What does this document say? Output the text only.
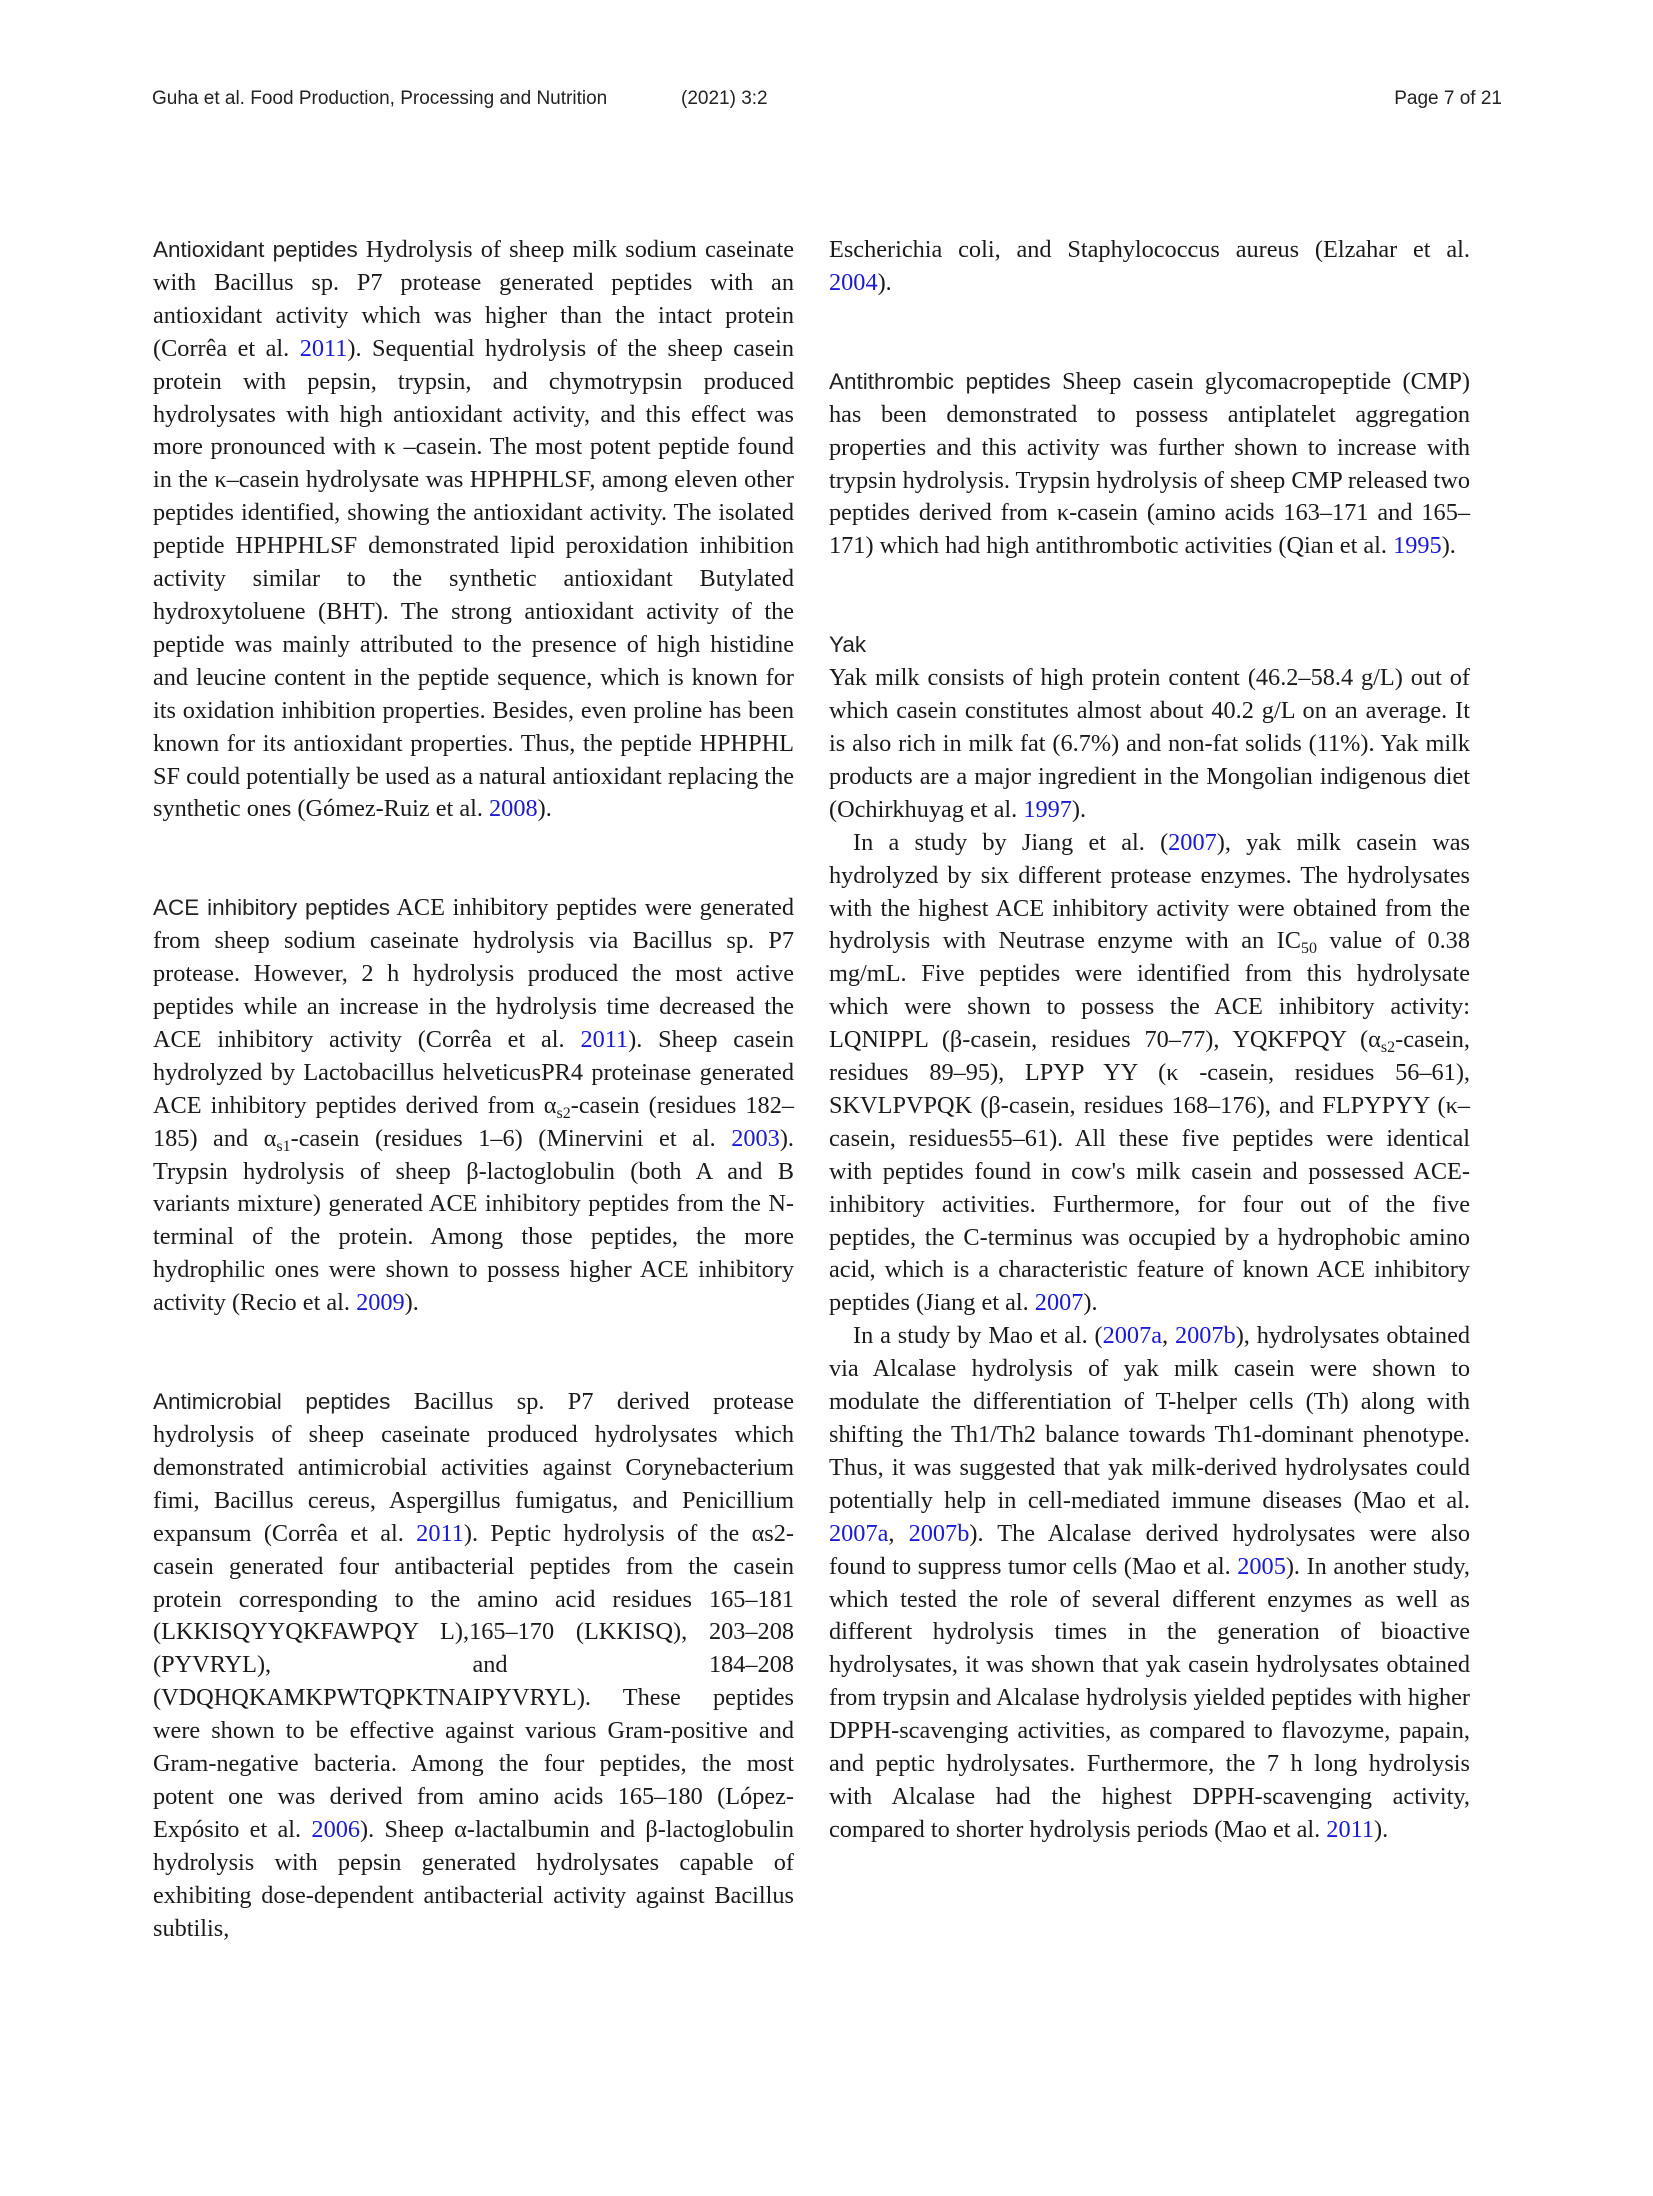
Guha et al. Food Production, Processing and Nutrition	(2021) 3:2	Page 7 of 21

Antioxidant peptides Hydrolysis of sheep milk sodium caseinate with Bacillus sp. P7 protease generated peptides with an antioxidant activity which was higher than the intact protein (Corrêa et al. 2011). Sequential hydrolysis of the sheep casein protein with pepsin, trypsin, and chymotrypsin produced hydrolysates with high antioxidant activity, and this effect was more pronounced with κ –casein. The most potent peptide found in the κ–casein hydrolysate was HPHPHLSF, among eleven other peptides identified, showing the antioxidant activity. The isolated peptide HPHPHLSF demonstrated lipid peroxidation inhibition activity similar to the synthetic antioxidant Butylated hydroxytoluene (BHT). The strong antioxidant activity of the peptide was mainly attributed to the presence of high histidine and leucine content in the peptide sequence, which is known for its oxidation inhibition properties. Besides, even proline has been known for its antioxidant properties. Thus, the peptide HPHPHL SF could potentially be used as a natural antioxidant replacing the synthetic ones (Gómez-Ruiz et al. 2008).

ACE inhibitory peptides ACE inhibitory peptides were generated from sheep sodium caseinate hydrolysis via Bacillus sp. P7 protease. However, 2 h hydrolysis produced the most active peptides while an increase in the hydrolysis time decreased the ACE inhibitory activity (Corrêa et al. 2011). Sheep casein hydrolyzed by Lactobacillus helveticusPR4 proteinase generated ACE inhibitory peptides derived from $\alpha_{s2}$-casein (residues 182–185) and $\alpha_{s1}$-casein (residues 1–6) (Minervini et al. 2003). Trypsin hydrolysis of sheep β-lactoglobulin (both A and B variants mixture) generated ACE inhibitory peptides from the N-terminal of the protein. Among those peptides, the more hydrophilic ones were shown to possess higher ACE inhibitory activity (Recio et al. 2009).

Antimicrobial peptides Bacillus sp. P7 derived protease hydrolysis of sheep caseinate produced hydrolysates which demonstrated antimicrobial activities against Corynebacterium fimi, Bacillus cereus, Aspergillus fumigatus, and Penicillium expansum (Corrêa et al. 2011). Peptic hydrolysis of the αs2-casein generated four antibacterial peptides from the casein protein corresponding to the amino acid residues 165–181 (LKKISQYYQKFAWPQY L),165–170 (LKKISQ), 203–208 (PYVRYL), and 184–208 (VDQHQKAMKPWTQPKTNAIPYVRYL). These peptides were shown to be effective against various Gram-positive and Gram-negative bacteria. Among the four peptides, the most potent one was derived from amino acids 165–180 (López-Expósito et al. 2006). Sheep α-lactalbumin and β-lactoglobulin hydrolysis with pepsin generated hydrolysates capable of exhibiting dose-dependent antibacterial activity against Bacillus subtilis,

Escherichia coli, and Staphylococcus aureus (Elzahar et al. 2004).

Antithrombic peptides Sheep casein glycomacropeptide (CMP) has been demonstrated to possess antiplatelet aggregation properties and this activity was further shown to increase with trypsin hydrolysis. Trypsin hydrolysis of sheep CMP released two peptides derived from κ-casein (amino acids 163–171 and 165–171) which had high antithrombotic activities (Qian et al. 1995).

Yak

Yak milk consists of high protein content (46.2–58.4 g/L) out of which casein constitutes almost about 40.2 g/L on an average. It is also rich in milk fat (6.7%) and non-fat solids (11%). Yak milk products are a major ingredient in the Mongolian indigenous diet (Ochirkhuyag et al. 1997).

In a study by Jiang et al. (2007), yak milk casein was hydrolyzed by six different protease enzymes. The hydrolysates with the highest ACE inhibitory activity were obtained from the hydrolysis with Neutrase enzyme with an $IC_{50}$ value of 0.38 mg/mL. Five peptides were identified from this hydrolysate which were shown to possess the ACE inhibitory activity: LQNIPPL (β-casein, residues 70–77), YQKFPQY ($\alpha_{s2}$-casein, residues 89–95), LPYP YY (κ -casein, residues 56–61), SKVLPVPQK (β-casein, residues 168–176), and FLPYPYY (κ–casein, residues55–61). All these five peptides were identical with peptides found in cow's milk casein and possessed ACE-inhibitory activities. Furthermore, for four out of the five peptides, the C-terminus was occupied by a hydrophobic amino acid, which is a characteristic feature of known ACE inhibitory peptides (Jiang et al. 2007).

In a study by Mao et al. (2007a, 2007b), hydrolysates obtained via Alcalase hydrolysis of yak milk casein were shown to modulate the differentiation of T-helper cells (Th) along with shifting the Th1/Th2 balance towards Th1-dominant phenotype. Thus, it was suggested that yak milk-derived hydrolysates could potentially help in cell-mediated immune diseases (Mao et al. 2007a, 2007b). The Alcalase derived hydrolysates were also found to suppress tumor cells (Mao et al. 2005). In another study, which tested the role of several different enzymes as well as different hydrolysis times in the generation of bioactive hydrolysates, it was shown that yak casein hydrolysates obtained from trypsin and Alcalase hydrolysis yielded peptides with higher DPPH-scavenging activities, as compared to flavozyme, papain, and peptic hydrolysates. Furthermore, the 7 h long hydrolysis with Alcalase had the highest DPPH-scavenging activity, compared to shorter hydrolysis periods (Mao et al. 2011).
